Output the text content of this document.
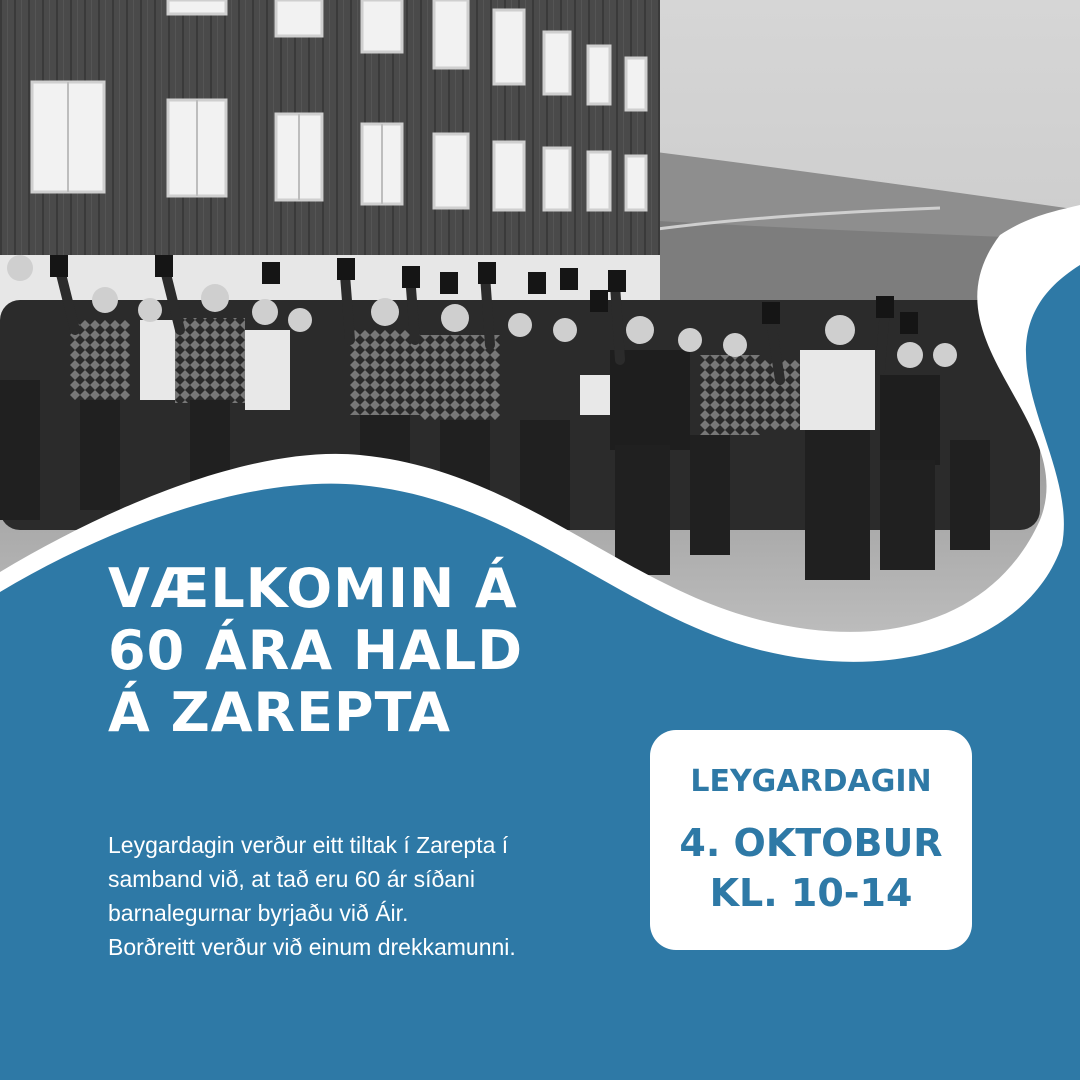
VÆLKOMIN Á
60 ÁRA HALD
Á ZAREPTA

Leygardagin verður eitt tiltak í Zarepta í
samband við, at tað eru 60 ár síðani
barnalegurnar byrjaðu við Áir.
Borðreitt verður við einum drekkamunni.

LEYGARDAGIN
4. OKTOBUR
KL. 10-14
